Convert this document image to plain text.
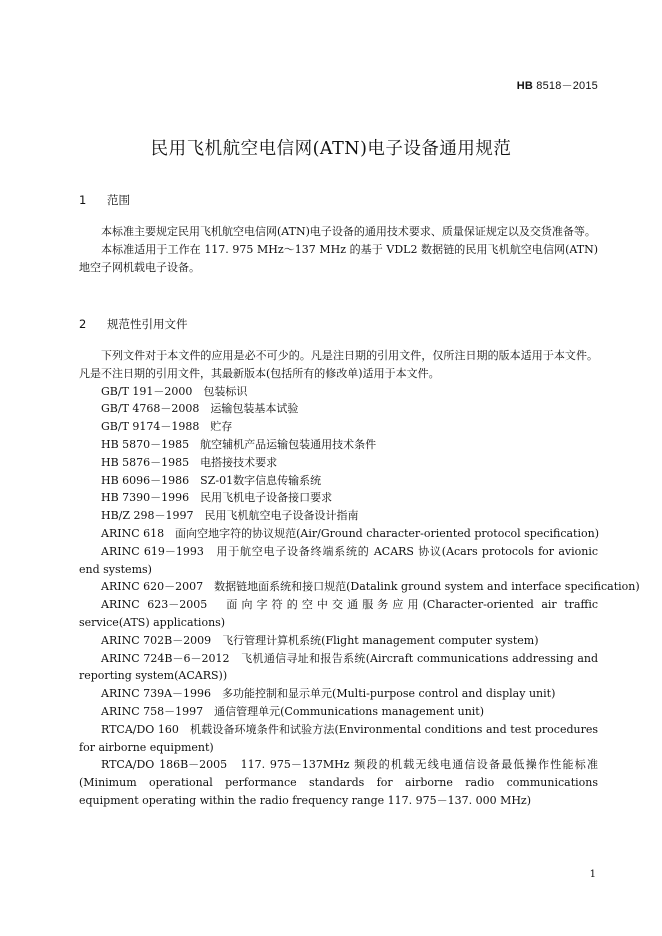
HB 8518－2015
民用飞机航空电信网(ATN)电子设备通用规范
1 范围

本标准主要规定民用飞机航空电信网(ATN)电子设备的通用技术要求、质量保证规定以及交货准备等。

本标准适用于工作在 117. 975 MHz～137 MHz 的基于 VDL2 数据链的民用飞机航空电信网(ATN)地空子网机载电子设备。

2 规范性引用文件

下列文件对于本文件的应用是必不可少的。凡是注日期的引用文件，仅所注日期的版本适用于本文件。凡是不注日期的引用文件，其最新版本(包括所有的修改单)适用于本文件。

GB/T 191－2000　 包装标识

GB/T 4768－2008　 运输包装基本试验

GB/T 9174－1988　 贮存

HB 5870－1985　 航空辅机产品运输包装通用技术条件

HB 5876－1985　 电搭接技术要求

HB 6096－1986　 SZ-01数字信息传输系统

HB 7390－1996　 民用飞机电子设备接口要求

HB/Z 298－1997　 民用飞机航空电子设备设计指南

ARINC 618　 面向空地字符的协议规范(Air/Ground character-oriented protocol specification)

ARINC 619－1993　 用于航空电子设备终端系统的 ACARS 协议(Acars protocols for avionic end systems)

ARINC 620－2007　 数据链地面系统和接口规范(Datalink ground system and interface specification)

ARINC 623－2005　 面向字符的空中交通服务应用(Character-oriented air traffic service(ATS) applications)

ARINC 702B－2009　 飞行管理计算机系统(Flight management computer system)

ARINC 724B－6－2012　 飞机通信寻址和报告系统(Aircraft communications addressing and reporting system(ACARS))

ARINC 739A－1996　 多功能控制和显示单元(Multi-purpose control and display unit)

ARINC 758－1997　 通信管理单元(Communications management unit)

RTCA/DO 160　 机载设备环境条件和试验方法(Environmental conditions and test procedures for airborne equipment)

RTCA/DO 186B－2005　 117. 975－137MHz 频段的机载无线电通信设备最低操作性能标准(Minimum operational performance standards for airborne radio communications equipment operating within the radio frequency range 117. 975－137. 000 MHz)

1
